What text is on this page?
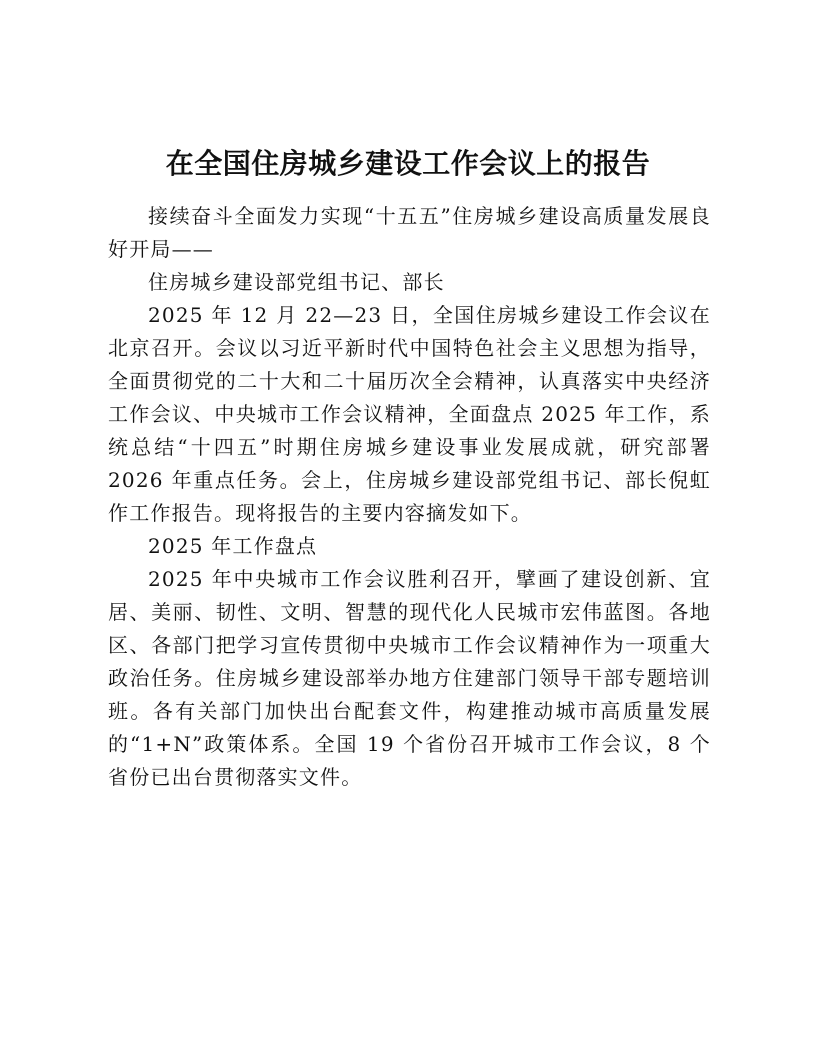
在全国住房城乡建设工作会议上的报告

接续奋斗全面发力实现“十五五”住房城乡建设高质量发展良好开局——

住房城乡建设部党组书记、部长

2025 年 12 月 22—23 日，全国住房城乡建设工作会议在北京召开。会议以习近平新时代中国特色社会主义思想为指导，全面贯彻党的二十大和二十届历次全会精神，认真落实中央经济工作会议、中央城市工作会议精神，全面盘点 2025 年工作，系统总结“十四五”时期住房城乡建设事业发展成就，研究部署 2026 年重点任务。会上，住房城乡建设部党组书记、部长倪虹作工作报告。现将报告的主要内容摘发如下。

2025 年工作盘点

2025 年中央城市工作会议胜利召开，擘画了建设创新、宜居、美丽、韧性、文明、智慧的现代化人民城市宏伟蓝图。各地区、各部门把学习宣传贯彻中央城市工作会议精神作为一项重大政治任务。住房城乡建设部举办地方住建部门领导干部专题培训班。各有关部门加快出台配套文件，构建推动城市高质量发展的“1+N”政策体系。全国 19 个省份召开城市工作会议，8 个省份已出台贯彻落实文件。
